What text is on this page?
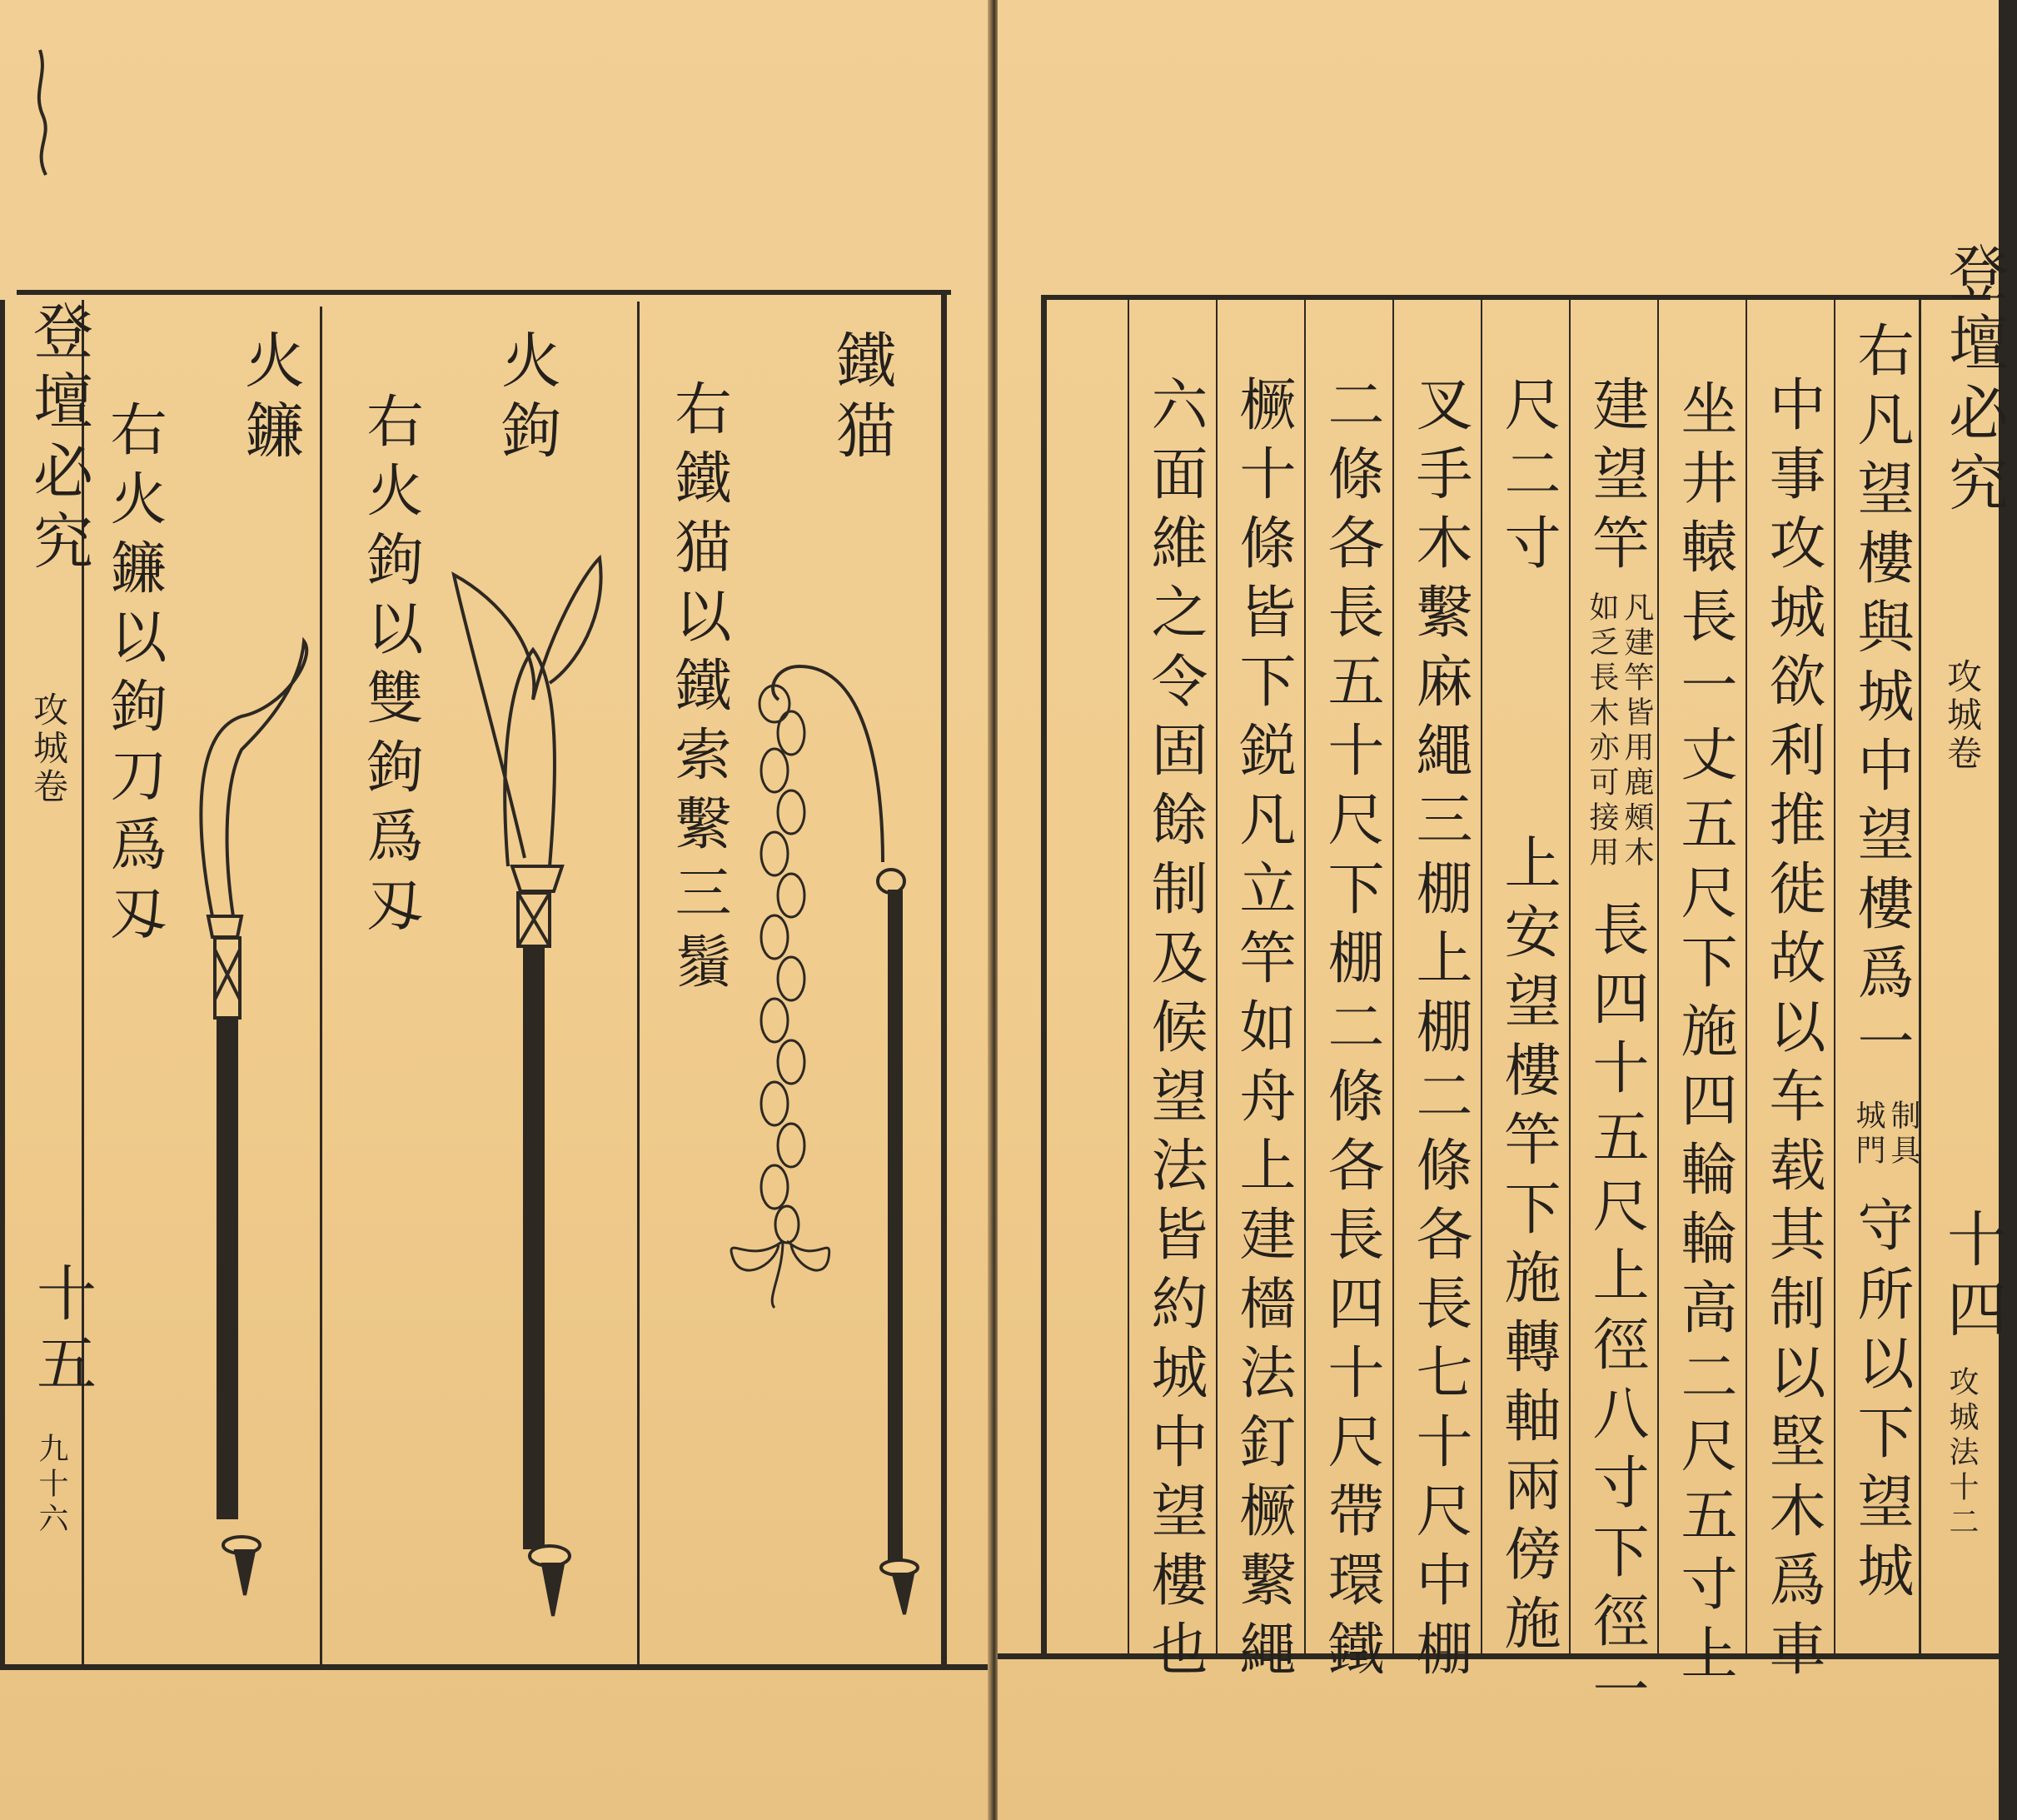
登壇必究
攻城卷
十五
九十六
鐵猫
右鐵猫以鐵索繫三鬚
火鉤
右火鉤以雙鉤爲刄
火鐮
右火鐮以鉤刀爲刄
登壇必究
攻城卷
十四
攻城法十二
右凡望樓與城中望樓爲一
制具
城門
守所以下望城
中事攻城欲利推徙故以车载其制以堅木爲車
坐井轅長一丈五尺下施四輪輪高二尺五寸上
建望竿
凡建竿皆用鹿頰木
如乏長木亦可接用
長四十五尺上徑八寸下徑一
尺二寸
上安望樓竿下施轉軸兩傍施
叉手木繫麻繩三棚上棚二條各長七十尺中棚
二條各長五十尺下棚二條各長四十尺帶環鐵
橛十條皆下鋭凡立竿如舟上建檣法釘橛繫繩
六面維之令固餘制及候望法皆約城中望樓也
